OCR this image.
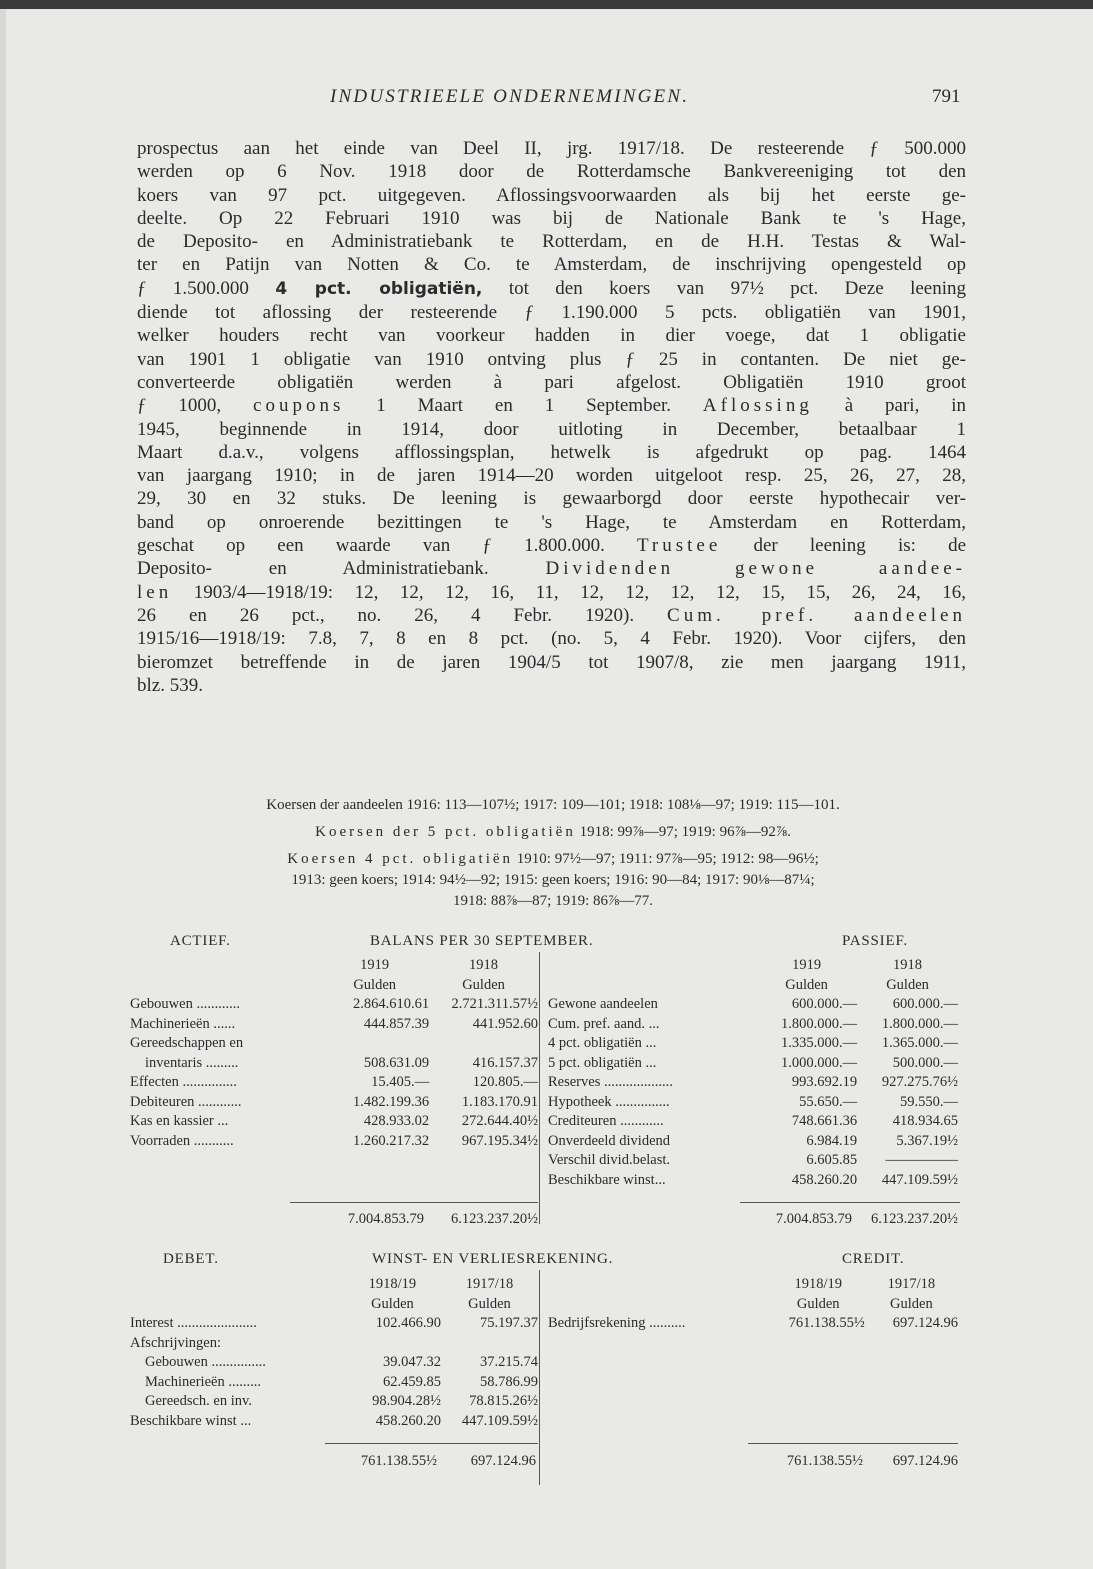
INDUSTRIEELE ONDERNEMINGEN.	791

prospectus aan het einde van Deel II, jrg. 1917/18. De resteerende ƒ 500.000

werden op 6 Nov. 1918 door de Rotterdamsche Bankvereeniging tot den

koers van 97 pct. uitgegeven. Aflossingsvoorwaarden als bij het eerste ge-

deelte. Op 22 Februari 1910 was bij de Nationale Bank te 's Hage,

de Deposito- en Administratiebank te Rotterdam, en de H.H. Testas & Wal-

ter en Patijn van Notten & Co. te Amsterdam, de inschrijving opengesteld op

ƒ 1.500.000 4 pct. obligatiën, tot den koers van 97½ pct. Deze leening

diende tot aflossing der resteerende ƒ 1.190.000 5 pcts. obligatiën van 1901,

welker houders recht van voorkeur hadden in dier voege, dat 1 obligatie

van 1901 1 obligatie van 1910 ontving plus ƒ 25 in contanten. De niet ge-

converteerde obligatiën werden à pari afgelost. Obligatiën 1910 groot

ƒ 1000, coupons 1 Maart en 1 September. Aflossing à pari, in

1945, beginnende in 1914, door uitloting in December, betaalbaar 1

Maart d.a.v., volgens afflossingsplan, hetwelk is afgedrukt op pag. 1464

van jaargang 1910; in de jaren 1914—20 worden uitgeloot resp. 25, 26, 27, 28,

29, 30 en 32 stuks. De leening is gewaarborgd door eerste hypothecair ver-

band op onroerende bezittingen te 's Hage, te Amsterdam en Rotterdam,

geschat op een waarde van ƒ 1.800.000. Trustee der leening is: de

Deposito- en Administratiebank. Dividenden gewone aandee-

len 1903/4—1918/19: 12, 12, 12, 16, 11, 12, 12, 12, 12, 15, 15, 26, 24, 16,

26 en 26 pct., no. 26, 4 Febr. 1920). Cum. pref. aandeelen

1915/16—1918/19: 7.8, 7, 8 en 8 pct. (no. 5, 4 Febr. 1920). Voor cijfers, den

bieromzet betreffende in de jaren 1904/5 tot 1907/8, zie men jaargang 1911,

blz. 539.

Koersen der aandeelen 1916: 113—107½; 1917: 109—101; 1918: 108⅛—97; 1919: 115—101.
Koersen der 5 pct. obligatiën 1918: 99⅞—97; 1919: 96⅞—92⅞.
Koersen 4 pct. obligatiën 1910: 97½—97; 1911: 97⅞—95; 1912: 98—96½;
1913: geen koers; 1914: 94½—92; 1915: geen koers; 1916: 90—84; 1917: 90⅛—87¼;
1918: 88⅞—87; 1919: 86⅞—77.
ACTIEF.	BALANS PER 30 SEPTEMBER.	PASSIEF.
	1919	1918
	Gulden	Gulden
Gebouwen ............	2.864.610.61	2.721.311.57½
Machinerieën ......	444.857.39	441.952.60
Gereedschappen en		
inventaris .........	508.631.09	416.157.37
Effecten ...............	15.405.—	120.805.—
Debiteuren ............	1.482.199.36	1.183.170.91
Kas en kassier ...	428.933.02	272.644.40½
Voorraden ...........	1.260.217.32	967.195.34½
	1919	1918
	Gulden	Gulden
Gewone aandeelen	600.000.—	600.000.—
Cum. pref. aand. ...	1.800.000.—	1.800.000.—
4 pct. obligatiën ...	1.335.000.—	1.365.000.—
5 pct. obligatiën ...	1.000.000.—	500.000.—
Reserves ...................	993.692.19	927.275.76½
Hypotheek ...............	55.650.—	59.550.—
Crediteuren ............	748.661.36	418.934.65
Onverdeeld dividend	6.984.19	5.367.19½
Verschil divid.belast.	6.605.85	—————
Beschikbare winst...	458.260.20	447.109.59½
7.004.853.79	6.123.237.20½	7.004.853.79	6.123.237.20½
DEBET.	WINST- EN VERLIESREKENING.	CREDIT.
	1918/19	1917/18
	Gulden	Gulden
Interest ......................	102.466.90	75.197.37
Afschrijvingen:		
Gebouwen ...............	39.047.32	37.215.74
Machinerieën .........	62.459.85	58.786.99
Gereedsch. en inv.	98.904.28½	78.815.26½
Beschikbare winst ...	458.260.20	447.109.59½
	1918/19	1917/18
	Gulden	Gulden
Bedrijfsrekening ..........	761.138.55½	697.124.96
761.138.55½	697.124.96	761.138.55½	697.124.96
